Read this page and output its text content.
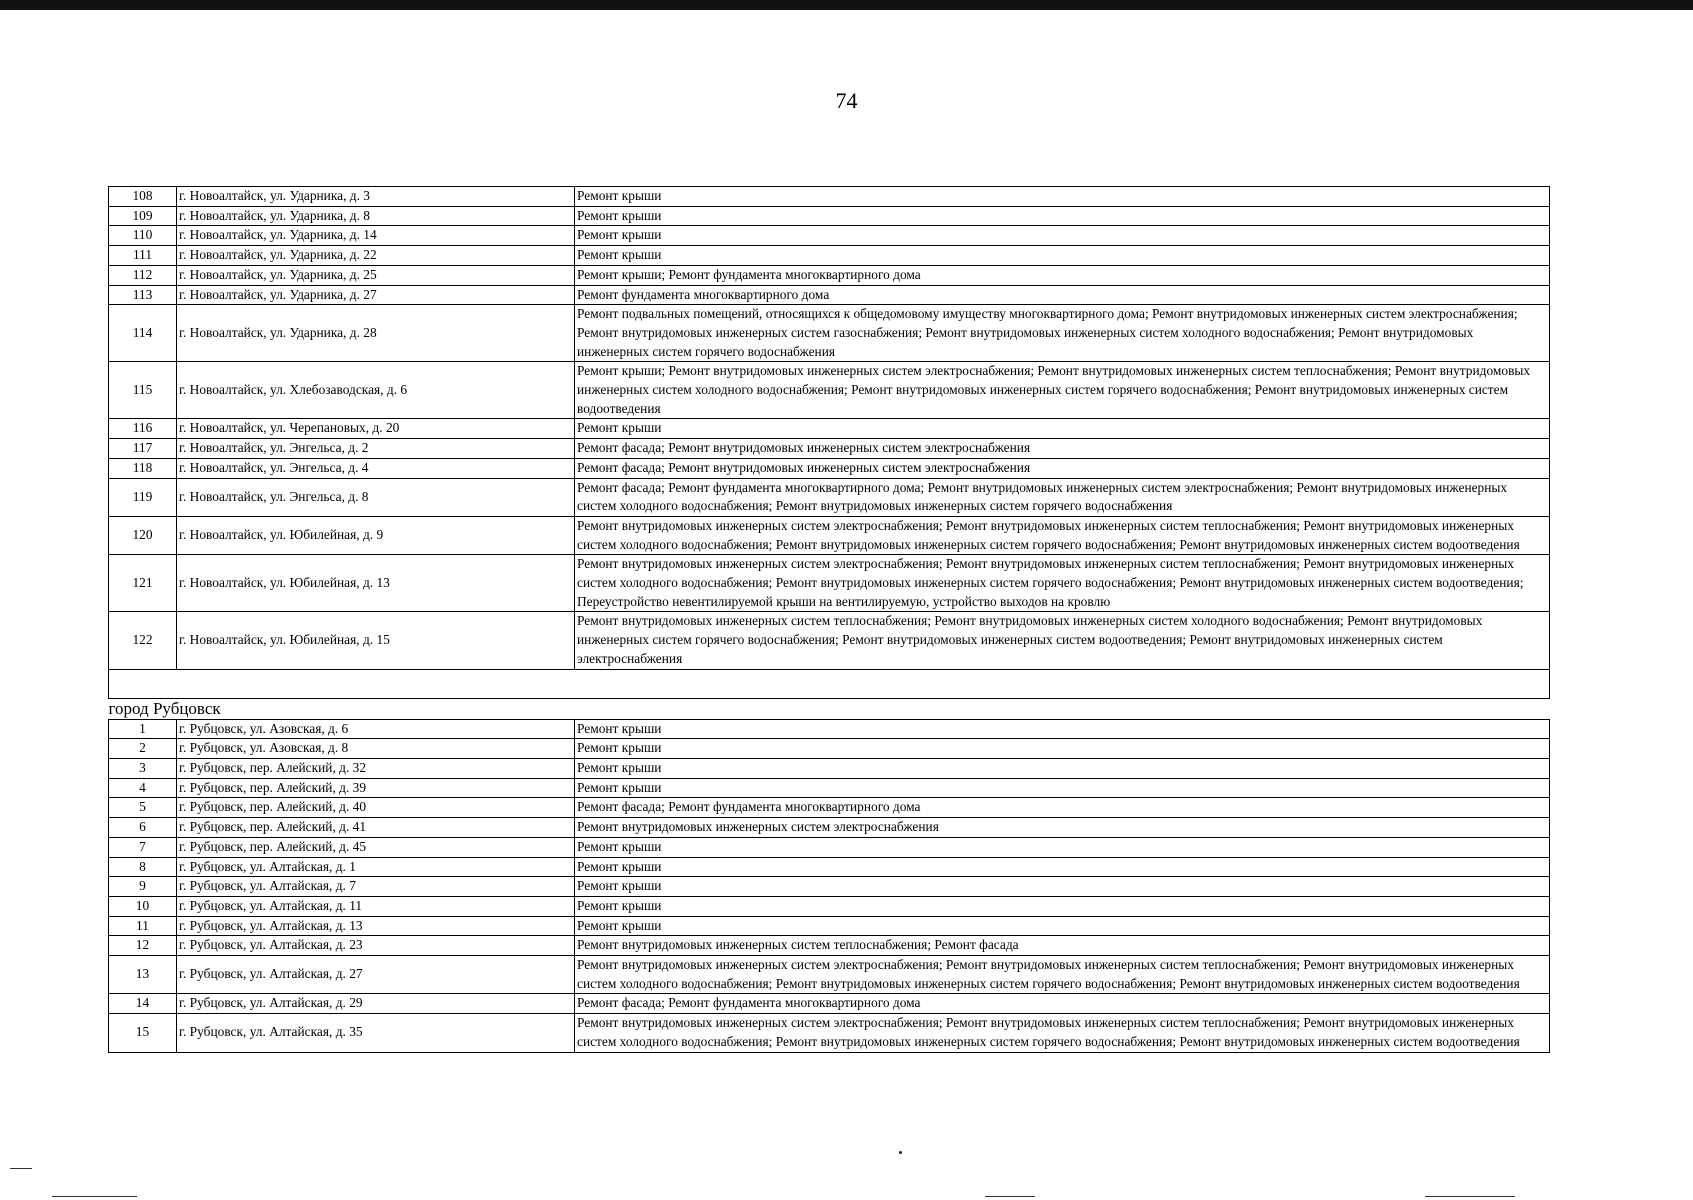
74
108	г. Новоалтайск, ул. Ударника, д. 3	Ремонт крыши
109	г. Новоалтайск, ул. Ударника, д. 8	Ремонт крыши
110	г. Новоалтайск, ул. Ударника, д. 14	Ремонт крыши
111	г. Новоалтайск, ул. Ударника, д. 22	Ремонт крыши
112	г. Новоалтайск, ул. Ударника, д. 25	Ремонт крыши; Ремонт фундамента многоквартирного дома
113	г. Новоалтайск, ул. Ударника, д. 27	Ремонт фундамента многоквартирного дома
114	г. Новоалтайск, ул. Ударника, д. 28	Ремонт подвальных помещений, относящихся к общедомовому имуществу многоквартирного дома; Ремонт внутридомовых инженерных систем электроснабжения; Ремонт внутридомовых инженерных систем газоснабжения; Ремонт внутридомовых инженерных систем холодного водоснабжения; Ремонт внутридомовых инженерных систем горячего водоснабжения
115	г. Новоалтайск, ул. Хлебозаводская, д. 6	Ремонт крыши; Ремонт внутридомовых инженерных систем электроснабжения; Ремонт внутридомовых инженерных систем теплоснабжения; Ремонт внутридомовых инженерных систем холодного водоснабжения; Ремонт внутридомовых инженерных систем горячего водоснабжения; Ремонт внутридомовых инженерных систем водоотведения
116	г. Новоалтайск, ул. Черепановых, д. 20	Ремонт крыши
117	г. Новоалтайск, ул. Энгельса, д. 2	Ремонт фасада; Ремонт внутридомовых инженерных систем электроснабжения
118	г. Новоалтайск, ул. Энгельса, д. 4	Ремонт фасада; Ремонт внутридомовых инженерных систем электроснабжения
119	г. Новоалтайск, ул. Энгельса, д. 8	Ремонт фасада; Ремонт фундамента многоквартирного дома; Ремонт внутридомовых инженерных систем электроснабжения; Ремонт внутридомовых инженерных систем холодного водоснабжения; Ремонт внутридомовых инженерных систем горячего водоснабжения
120	г. Новоалтайск, ул. Юбилейная, д. 9	Ремонт внутридомовых инженерных систем электроснабжения; Ремонт внутридомовых инженерных систем теплоснабжения; Ремонт внутридомовых инженерных систем холодного водоснабжения; Ремонт внутридомовых инженерных систем горячего водоснабжения; Ремонт внутридомовых инженерных систем водоотведения
121	г. Новоалтайск, ул. Юбилейная, д. 13	Ремонт внутридомовых инженерных систем электроснабжения; Ремонт внутридомовых инженерных систем теплоснабжения; Ремонт внутридомовых инженерных систем холодного водоснабжения; Ремонт внутридомовых инженерных систем горячего водоснабжения; Ремонт внутридомовых инженерных систем водоотведения; Переустройство невентилируемой крыши на вентилируемую, устройство выходов на кровлю
122	г. Новоалтайск, ул. Юбилейная, д. 15	Ремонт внутридомовых инженерных систем теплоснабжения; Ремонт внутридомовых инженерных систем холодного водоснабжения; Ремонт внутридомовых инженерных систем горячего водоснабжения; Ремонт внутридомовых инженерных систем водоотведения; Ремонт внутридомовых инженерных систем электроснабжения

город Рубцовск		
1	г. Рубцовск, ул. Азовская, д. 6	Ремонт крыши
2	г. Рубцовск, ул. Азовская, д. 8	Ремонт крыши
3	г. Рубцовск, пер. Алейский, д. 32	Ремонт крыши
4	г. Рубцовск, пер. Алейский, д. 39	Ремонт крыши
5	г. Рубцовск, пер. Алейский, д. 40	Ремонт фасада; Ремонт фундамента многоквартирного дома
6	г. Рубцовск, пер. Алейский, д. 41	Ремонт внутридомовых инженерных систем электроснабжения
7	г. Рубцовск, пер. Алейский, д. 45	Ремонт крыши
8	г. Рубцовск, ул. Алтайская, д. 1	Ремонт крыши
9	г. Рубцовск, ул. Алтайская, д. 7	Ремонт крыши
10	г. Рубцовск, ул. Алтайская, д. 11	Ремонт крыши
11	г. Рубцовск, ул. Алтайская, д. 13	Ремонт крыши
12	г. Рубцовск, ул. Алтайская, д. 23	Ремонт внутридомовых инженерных систем теплоснабжения; Ремонт фасада
13	г. Рубцовск, ул. Алтайская, д. 27	Ремонт внутридомовых инженерных систем электроснабжения; Ремонт внутридомовых инженерных систем теплоснабжения; Ремонт внутридомовых инженерных систем холодного водоснабжения; Ремонт внутридомовых инженерных систем горячего водоснабжения; Ремонт внутридомовых инженерных систем водоотведения
14	г. Рубцовск, ул. Алтайская, д. 29	Ремонт фасада; Ремонт фундамента многоквартирного дома
15	г. Рубцовск, ул. Алтайская, д. 35	Ремонт внутридомовых инженерных систем электроснабжения; Ремонт внутридомовых инженерных систем теплоснабжения; Ремонт внутридомовых инженерных систем холодного водоснабжения; Ремонт внутридомовых инженерных систем горячего водоснабжения; Ремонт внутридомовых инженерных систем водоотведения
